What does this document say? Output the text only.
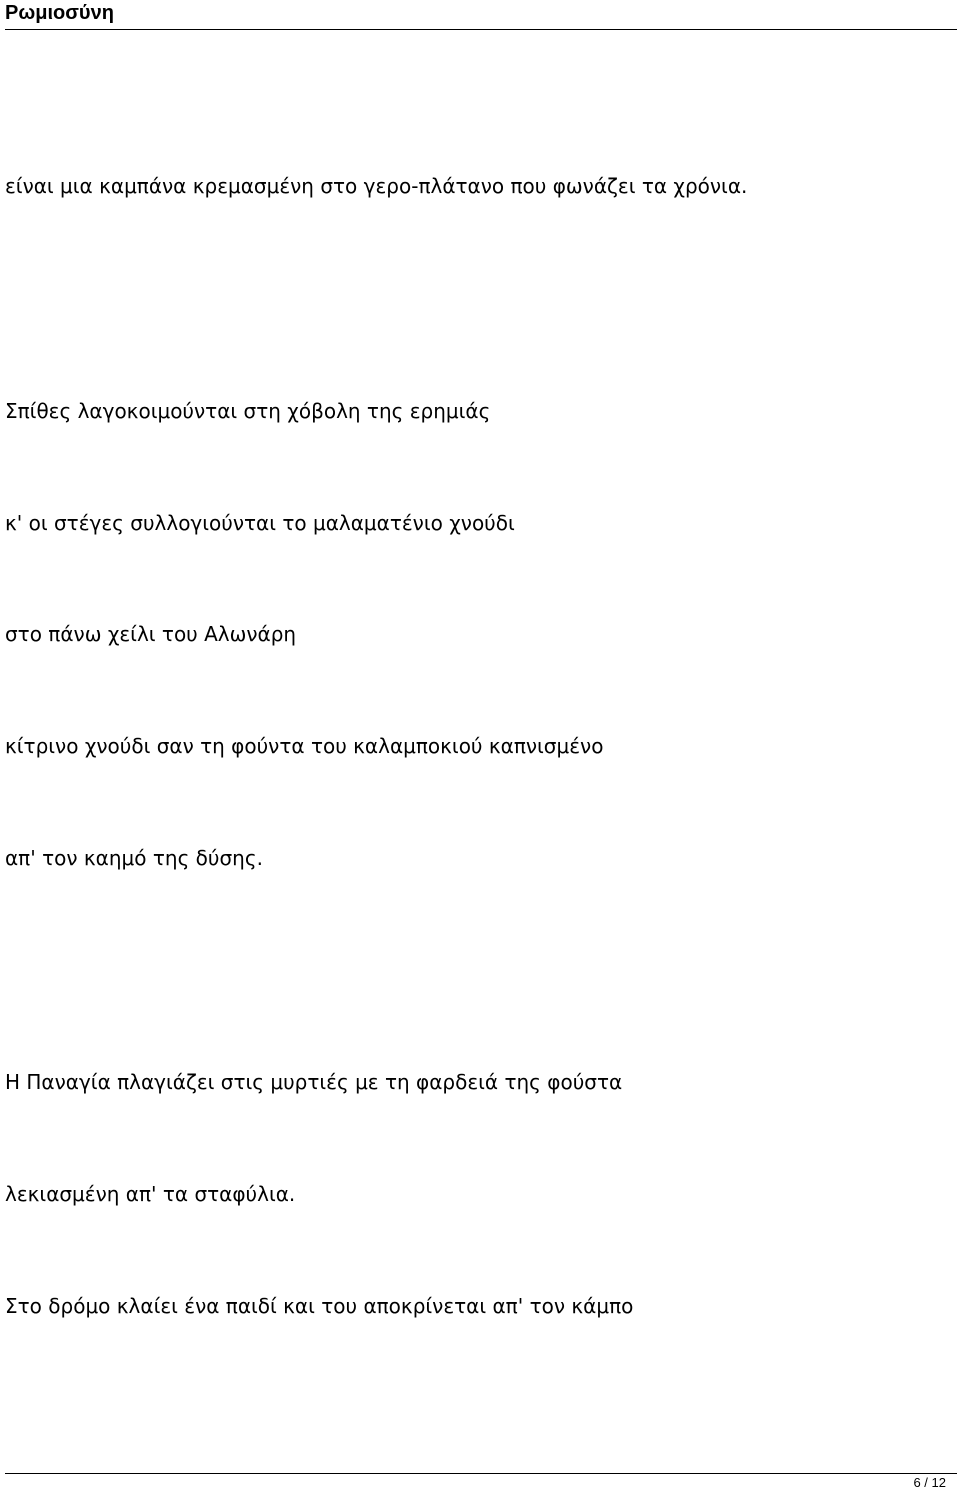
Ρωμιοσύνη
είναι μια καμπάνα κρεμασμένη στο γερο-πλάτανο που φωνάζει τα χρόνια.
Σπίθες λαγοκοιμούνται στη χόβολη της ερημιάς
κ' οι στέγες συλλογιούνται το μαλαματένιο χνούδι
στο πάνω χείλι του Αλωνάρη
κίτρινο χνούδι σαν τη φούντα του καλαμποκιού καπνισμένο
απ' τον καημό της δύσης.
Η Παναγία πλαγιάζει στις μυρτιές με τη φαρδειά της φούστα
λεκιασμένη απ' τα σταφύλια.
Στο δρόμο κλαίει ένα παιδί και του αποκρίνεται απ' τον κάμπο
6 / 12
